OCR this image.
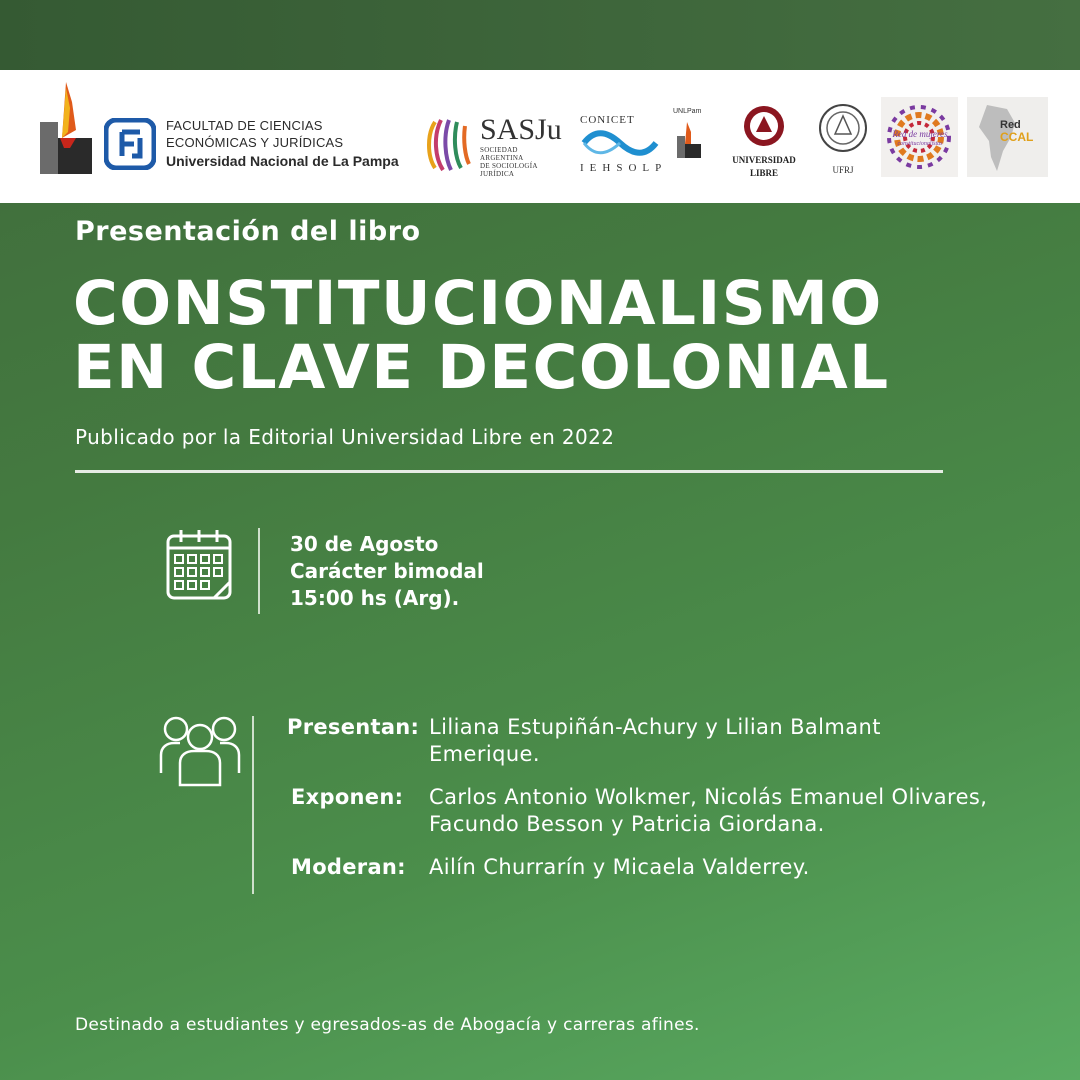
FACULTAD DE CIENCIAS
ECONÓMICAS Y JURÍDICAS
Universidad Nacional de La Pampa
SASJu
SOCIEDAD
ARGENTINA
DE SOCIOLOGÍA
JURÍDICA
CONICET
IEHSOLP
UNLPam
UNIVERSIDAD
LIBRE	UFRJ
Red de mujeres
constitucionalistas
Red
CCAL
Presentación del libro
CONSTITUCIONALISMO
EN CLAVE DECOLONIAL
Publicado por la Editorial Universidad Libre en 2022
30 de Agosto
Carácter bimodal
15:00 hs (Arg).
Presentan: Liliana Estupiñán-Achury y Lilian Balmant Emerique.
Exponen:	Carlos Antonio Wolkmer, Nicolás Emanuel Olivares, Facundo Besson y Patricia Giordana.
Moderan:	Ailín Churrarín y Micaela Valderrey.
Destinado a estudiantes y egresados-as de Abogacía y carreras afines.
